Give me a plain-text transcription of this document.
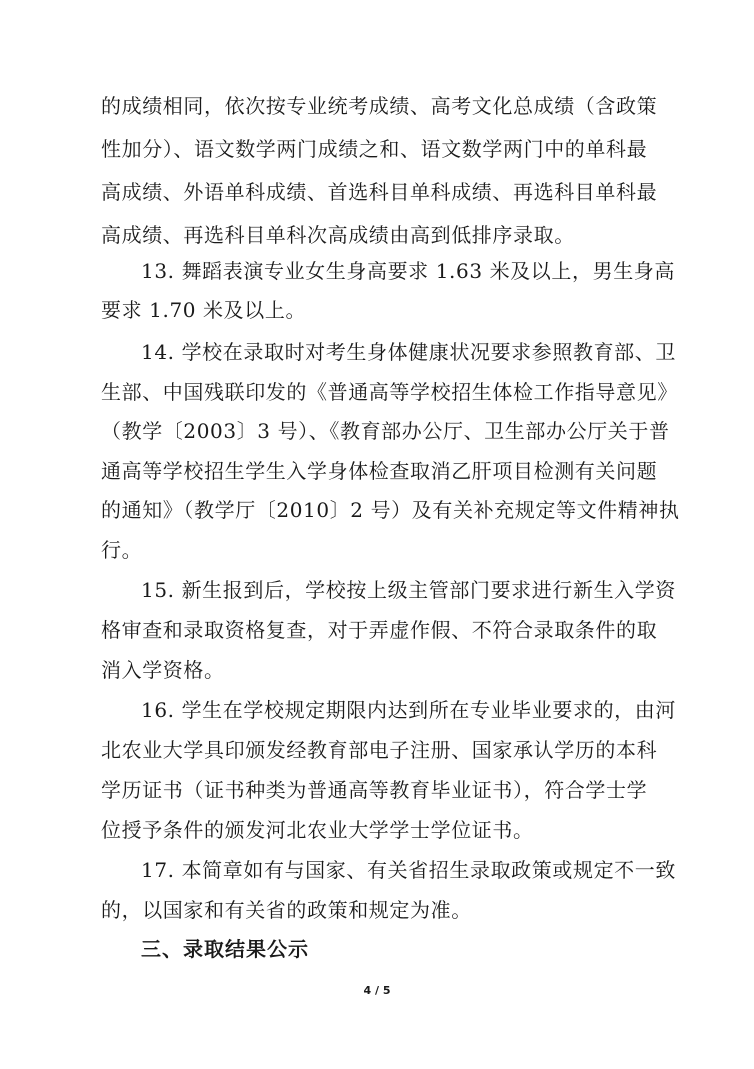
的成绩相同，依次按专业统考成绩、高考文化总成绩（含政策
性加分）、语文数学两门成绩之和、语文数学两门中的单科最
高成绩、外语单科成绩、首选科目单科成绩、再选科目单科最
高成绩、再选科目单科次高成绩由高到低排序录取。
13. 舞蹈表演专业女生身高要求 1.63 米及以上，男生身高
要求 1.70 米及以上。
14. 学校在录取时对考生身体健康状况要求参照教育部、卫
生部、中国残联印发的《普通高等学校招生体检工作指导意见》
（教学〔2003〕3 号）、《教育部办公厅、卫生部办公厅关于普
通高等学校招生学生入学身体检查取消乙肝项目检测有关问题
的通知》（教学厅〔2010〕2 号）及有关补充规定等文件精神执
行。
15. 新生报到后，学校按上级主管部门要求进行新生入学资
格审查和录取资格复查，对于弄虚作假、不符合录取条件的取
消入学资格。
16. 学生在学校规定期限内达到所在专业毕业要求的，由河
北农业大学具印颁发经教育部电子注册、国家承认学历的本科
学历证书（证书种类为普通高等教育毕业证书），符合学士学
位授予条件的颁发河北农业大学学士学位证书。
17. 本简章如有与国家、有关省招生录取政策或规定不一致
的，以国家和有关省的政策和规定为准。
三、录取结果公示
4 / 5
